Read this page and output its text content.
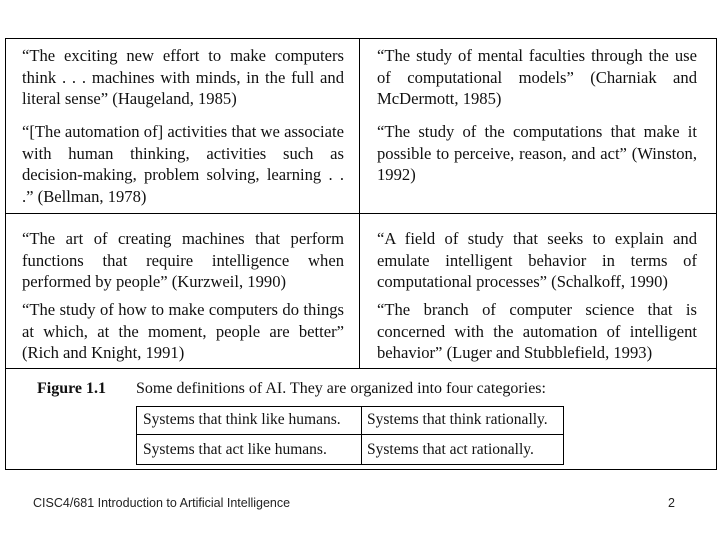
“The exciting new effort to make computers think . . . machines with minds, in the full and literal sense” (Haugeland, 1985)
“[The automation of] activities that we associate with human thinking, activities such as decision-making, problem solving, learning . . .” (Bellman, 1978)
“The study of mental faculties through the use of computational models” (Charniak and McDermott, 1985)
“The study of the computations that make it possible to perceive, reason, and act” (Winston, 1992)
“The art of creating machines that perform functions that require intelligence when performed by people” (Kurzweil, 1990)
“The study of how to make computers do things at which, at the moment, people are better” (Rich and Knight, 1991)
“A field of study that seeks to explain and emulate intelligent behavior in terms of computational processes” (Schalkoff, 1990)
“The branch of computer science that is concerned with the automation of intelligent behavior” (Luger and Stubblefield, 1993)
Figure 1.1 Some definitions of AI. They are organized into four categories:
Systems that think like humans. Systems that think rationally.
Systems that act like humans.	Systems that act rationally.
CISC4/681 Introduction to Artificial Intelligence	2
